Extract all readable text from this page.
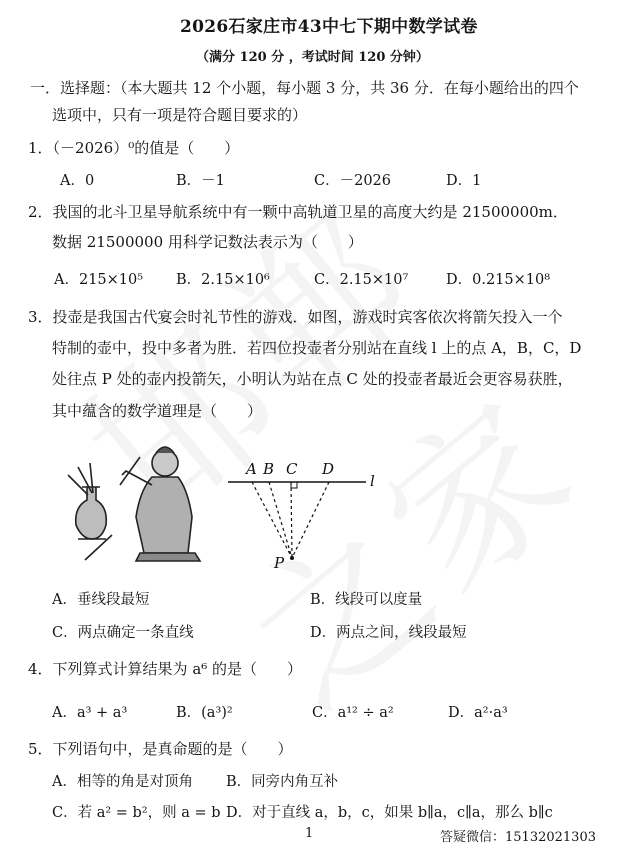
2026石家庄市43中七下期中数学试卷
（满分 120 分 ，考试时间 120 分钟）
一．选择题：（本大题共 12 个小题，每小题 3 分，共 36 分．在每小题给出的四个
选项中，只有一项是符合题目要求的）
1．（－2026）⁰的值是（　　）
A．0	B．－1	C．－2026	D．1
2．我国的北斗卫星导航系统中有一颗中高轨道卫星的高度大约是 21500000m．
数据 21500000 用科学记数法表示为（　　）
A．215×10⁵ B．2.15×10⁶	C．2.15×10⁷	D．0.215×10⁸
3．投壶是我国古代宴会时礼节性的游戏．如图，游戏时宾客依次将箭矢投入一个
特制的壶中，投中多者为胜．若四位投壶者分别站在直线 l 上的点 A，B，C，D
处往点 P 处的壶内投箭矢，小明认为站在点 C 处的投壶者最近会更容易获胜，
其中蕴含的数学道理是（　　）
A B C D
l
P
A．垂线段最短	B．线段可以度量
C．两点确定一条直线	D．两点之间，线段最短
4．下列算式计算结果为 a⁶ 的是（　　）
A．a³ + a³	B．(a³)²	C．a¹² ÷ a²	D．a²·a³
5．下列语句中，是真命题的是（　　）
A．相等的角是对顶角 B．同旁内角互补
C．若 a² = b²，则 a = b D．对于直线 a，b，c，如果 b∥a，c∥a，那么 b∥c
1	答疑微信：15132021303
